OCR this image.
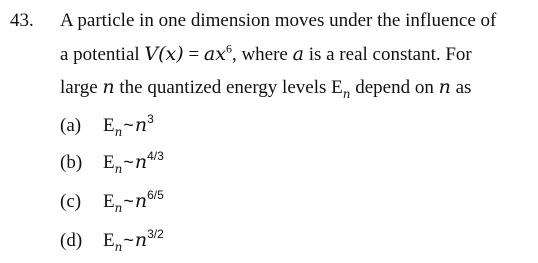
43. A particle in one dimension moves under the influence of
a potential $V(x) = ax^6$, where a is a real constant. For
large n the quantized energy levels $E_n$ depend on n as
(a) $E_n\sim n^3$
(b) $E_n\sim n^{4/3}$
(c) $E_n\sim n^{6/5}$
(d) $E_n\sim n^{3/2}$
